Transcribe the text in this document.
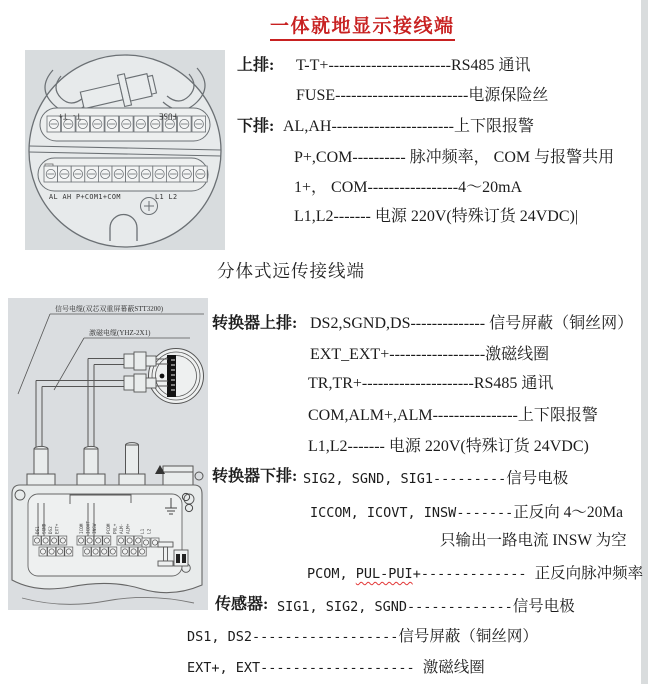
一体就地显示接线端
T- T+	FUSE
AL AH P+COM1+COM	L1 L2
上排: T-T+-----------------------RS485 通讯
FUSE-------------------------电源保险丝
下排: AL,AH-----------------------上下限报警
P+,COM---------- 脉冲频率， COM 与报警共用
1+， COM-----------------4～20mA
L1,L2------- 电源 220V(特殊订货 24VDC)|
分体式远传接线端
信号电缆(双芯双重屏幕蔽STT3200)
激磁电缆(YHZ-2X1)
DS1 SGND DS2 EXT+	ICOM ICOVT INSW PCOM PUL+ ALM- ALM+ L1 L2
转换器上排: DS2,SGND,DS-------------- 信号屏蔽（铜丝网）
EXT_EXT+------------------激磁线圈
TR,TR+---------------------RS485 通讯
COM,ALM+,ALM----------------上下限报警
L1,L2------- 电源 220V(特殊订货 24VDC)
转换器下排: SIG2, SGND, SIG1---------信号电极
ICCOM, ICOVT, INSW-------正反向 4～20Ma
只输出一路电流 INSW 为空
PCOM, PUL-PUI+------------- 正反向脉冲频率
传感器: SIG1, SIG2, SGND-------------信号电极
DS1, DS2------------------信号屏蔽（铜丝网）
EXT+, EXT------------------- 激磁线圈
